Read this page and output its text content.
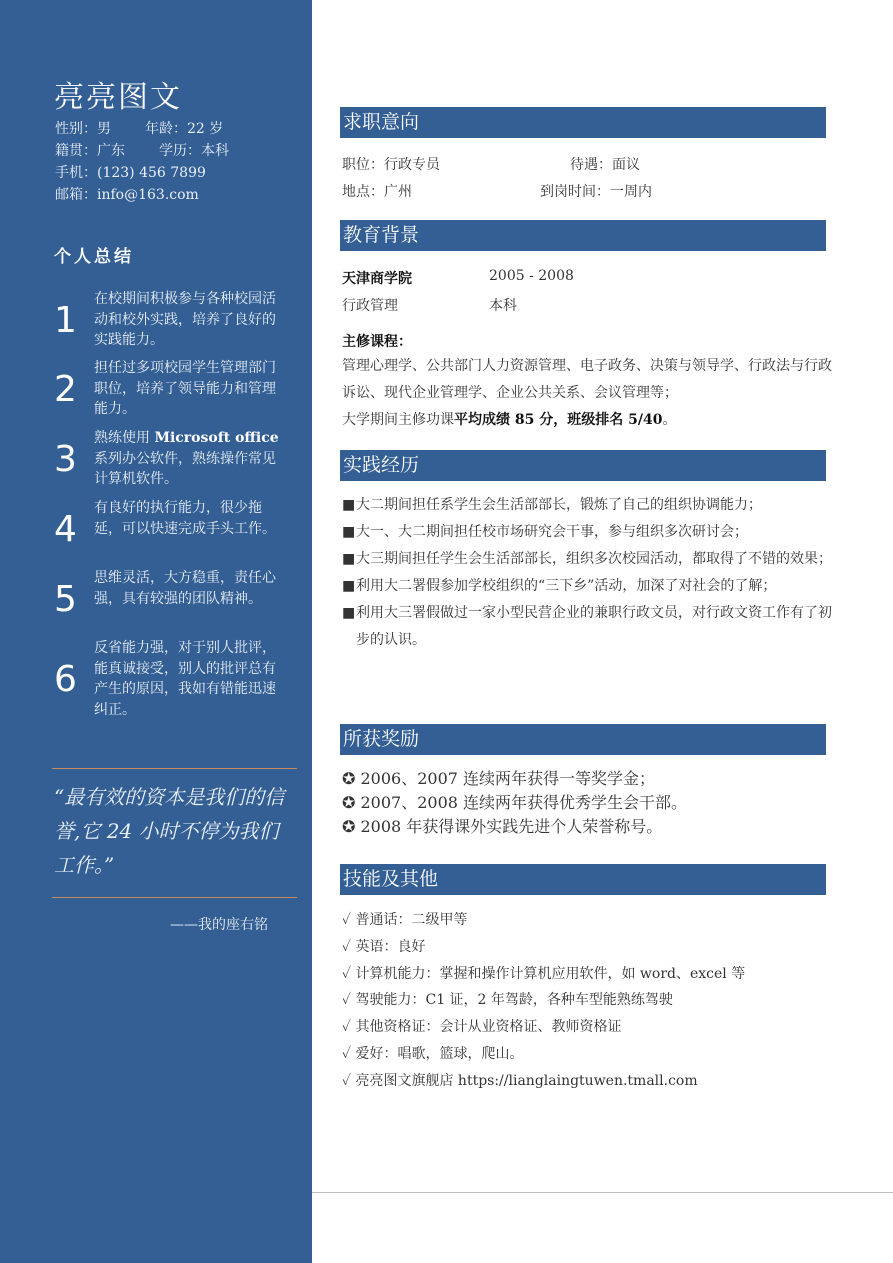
亮亮图文
性别：男 年龄：22 岁
籍贯：广东 学历：本科
手机：(123) 456 7899
邮箱：info@163.com
个人总结
1
在校期间积极参与各种校园活动和校外实践，培养了良好的实践能力。
2
担任过多项校园学生管理部门职位，培养了领导能力和管理能力。
3
熟练使用 Microsoft office系列办公软件，熟练操作常见计算机软件。
4
有良好的执行能力，很少拖延，可以快速完成手头工作。
5
思维灵活，大方稳重，责任心强，具有较强的团队精神。
6
反省能力强，对于别人批评，能真诚接受，别人的批评总有产生的原因，我如有错能迅速纠正。
“最有效的资本是我们的信誉,它 24 小时不停为我们工作。”
——我的座右铭
求职意向
职位：行政专员	待遇：面议
地点：广州	到岗时间：一周内
教育背景
天津商学院	2005 - 2008
行政管理	本科
主修课程：
管理心理学、公共部门人力资源管理、电子政务、决策与领导学、行政法与行政诉讼、现代企业管理学、企业公共关系、会议管理等；
大学期间主修功课平均成绩 85 分，班级排名 5/40。
实践经历
■ 大二期间担任系学生会生活部部长，锻炼了自己的组织协调能力；
■ 大一、大二期间担任校市场研究会干事，参与组织多次研讨会；
■ 大三期间担任学生会生活部部长，组织多次校园活动，都取得了不错的效果；
■ 利用大二署假参加学校组织的“三下乡”活动，加深了对社会的了解；
■ 利用大三署假做过一家小型民营企业的兼职行政文员，对行政文资工作有了初步的认识。
所获奖励
✪ 2006、2007 连续两年获得一等奖学金；
✪ 2007、2008 连续两年获得优秀学生会干部。
✪ 2008 年获得课外实践先进个人荣誉称号。
技能及其他
✓ 普通话：二级甲等
✓ 英语：良好
✓ 计算机能力：掌握和操作计算机应用软件，如 word、excel 等
✓ 驾驶能力：C1 证，2 年驾龄，各种车型能熟练驾驶
✓ 其他资格证：会计从业资格证、教师资格证
✓ 爱好：唱歌，篮球，爬山。
✓ 亮亮图文旗舰店 https://lianglaingtuwen.tmall.com
